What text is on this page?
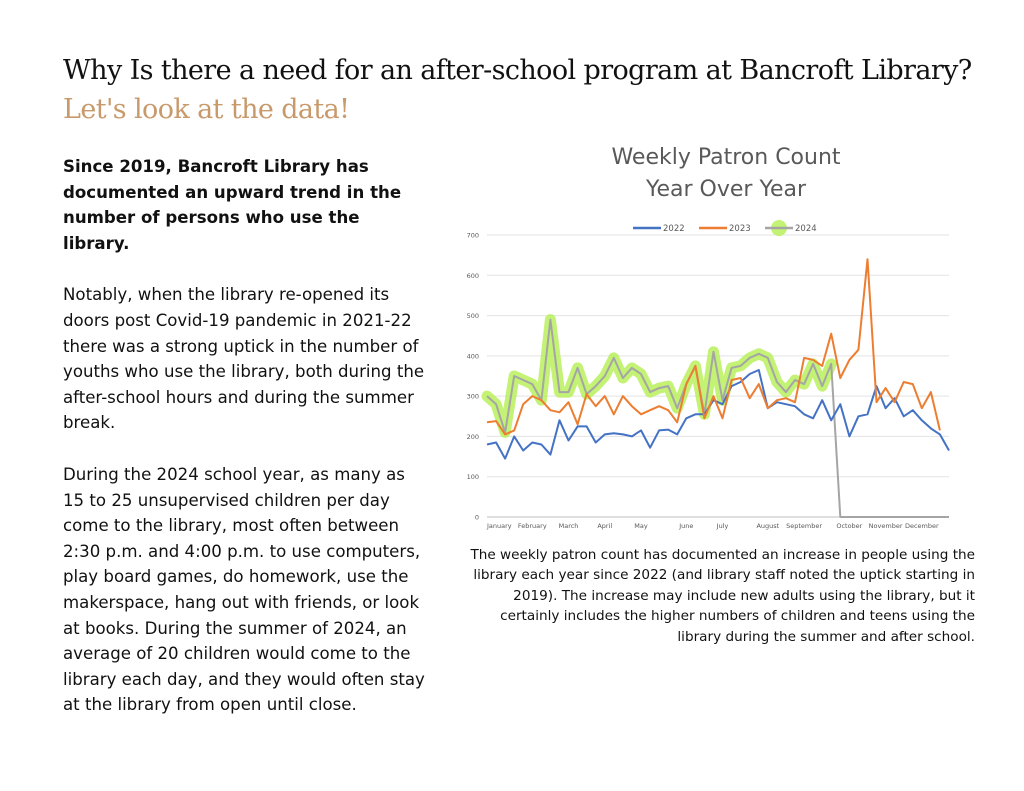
Why Is there a need for an after-school program at Bancroft Library?
Let's look at the data!

Since 2019, Bancroft Library has documented an upward trend in the number of persons who use the library.

Notably, when the library re-opened its doors post Covid-19 pandemic in 2021-22 there was a strong uptick in the number of youths who use the library, both during the after-school hours and during the summer break.

During the 2024 school year, as many as 15 to 25 unsupervised children per day come to the library, most often between 2:30 p.m. and 4:00 p.m. to use computers, play board games, do homework, use the makerspace, hang out with friends, or look at books. During the summer of 2024, an average of 20 children would come to the library each day, and they would often stay at the library from open until close.

Weekly Patron Count
Year Over Year
0
100
200
300
400
500
600
700
January February March	April	May	June	July	August September October November December
2022	2023	2024
The weekly patron count has documented an increase in people using the library each year since 2022 (and library staff noted the uptick starting in 2019). The increase may include new adults using the library, but it certainly includes the higher numbers of children and teens using the library during the summer and after school.
